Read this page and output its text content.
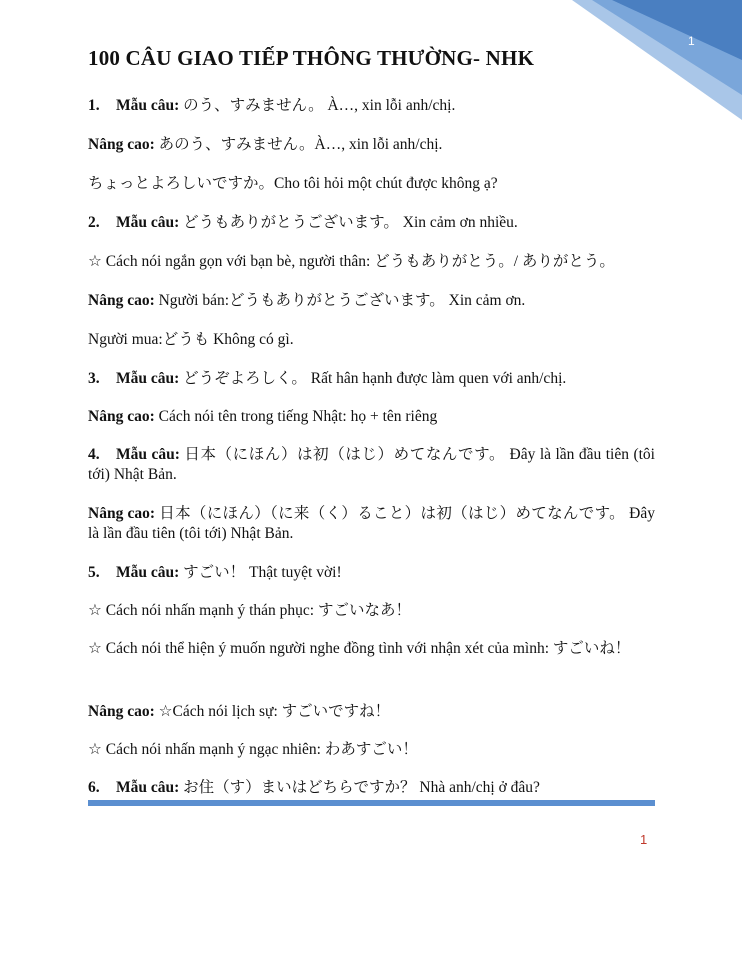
1
100 CÂU GIAO TIẾP THÔNG THƯỜNG- NHK

1. Mẫu câu: のう、すみません。 À…, xin lỗi anh/chị.

Nâng cao: あのう、すみません。À…, xin lỗi anh/chị.

ちょっとよろしいですか。Cho tôi hỏi một chút được không ạ?

2. Mẫu câu: どうもありがとうございます。 Xin cảm ơn nhiều.

☆ Cách nói ngắn gọn với bạn bè, người thân: どうもありがとう。/ ありがとう。

Nâng cao: Người bán:どうもありがとうございます。 Xin cảm ơn.

Người mua:どうも Không có gì.

3. Mẫu câu: どうぞよろしく。 Rất hân hạnh được làm quen với anh/chị.

Nâng cao: Cách nói tên trong tiếng Nhật: họ + tên riêng

4. Mẫu câu: 日本（にほん）は初（はじ）めてなんです。 Đây là lần đầu tiên (tôi tới) Nhật Bản.

Nâng cao: 日本（にほん）（に来（く）ること）は初（はじ）めてなんです。 Đây là lần đầu tiên (tôi tới) Nhật Bản.

5. Mẫu câu: すごい！ Thật tuyệt vời!

☆ Cách nói nhấn mạnh ý thán phục: すごいなあ！

☆ Cách nói thể hiện ý muốn người nghe đồng tình với nhận xét của mình: すごいね！

Nâng cao: ☆Cách nói lịch sự: すごいですね！

☆ Cách nói nhấn mạnh ý ngạc nhiên: わあすごい！

6. Mẫu câu: お住（す）まいはどちらですか？ Nhà anh/chị ở đâu?

1
